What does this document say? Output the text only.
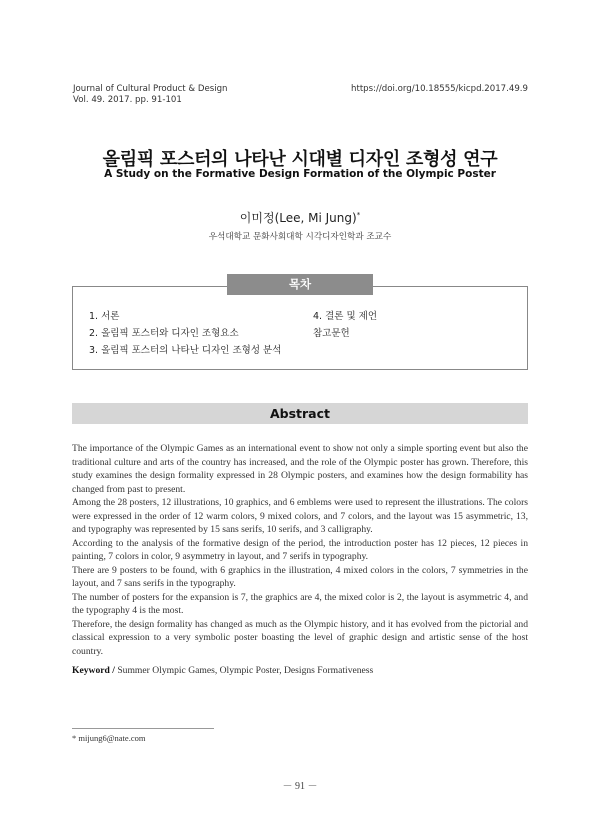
Journal of Cultural Product & Design
Vol. 49. 2017. pp. 91-101
https://doi.org/10.18555/kicpd.2017.49.9
올림픽 포스터의 나타난 시대별 디자인 조형성 연구
A Study on the Formative Design Formation of the Olympic Poster
이미정(Lee, Mi Jung)*
우석대학교 문화사회대학 시각디자인학과 조교수
목차
1. 서론
2. 올림픽 포스터와 디자인 조형요소
3. 올림픽 포스터의 나타난 디자인 조형성 분석
4. 결론 및 제언
참고문헌
Abstract

The importance of the Olympic Games as an international event to show not only a simple sporting event but also the traditional culture and arts of the country has increased, and the role of the Olympic poster has grown. Therefore, this study examines the design formality expressed in 28 Olympic posters, and examines how the design formability has changed from past to present.

Among the 28 posters, 12 illustrations, 10 graphics, and 6 emblems were used to represent the illustrations. The colors were expressed in the order of 12 warm colors, 9 mixed colors, and 7 colors, and the layout was 15 asymmetric, 13, and typography was represented by 15 sans serifs, 10 serifs, and 3 calligraphy.

According to the analysis of the formative design of the period, the introduction poster has 12 pieces, 12 pieces in painting, 7 colors in color, 9 asymmetry in layout, and 7 serifs in typography.

There are 9 posters to be found, with 6 graphics in the illustration, 4 mixed colors in the colors, 7 symmetries in the layout, and 7 sans serifs in the typography.

The number of posters for the expansion is 7, the graphics are 4, the mixed color is 2, the layout is asymmetric 4, and the typography 4 is the most.

Therefore, the design formality has changed as much as the Olympic history, and it has evolved from the pictorial and classical expression to a very symbolic poster boasting the level of graphic design and artistic sense of the host country.

Keyword / Summer Olympic Games, Olympic Poster, Designs Formativeness
* mijung6@nate.com
－ 91 －
